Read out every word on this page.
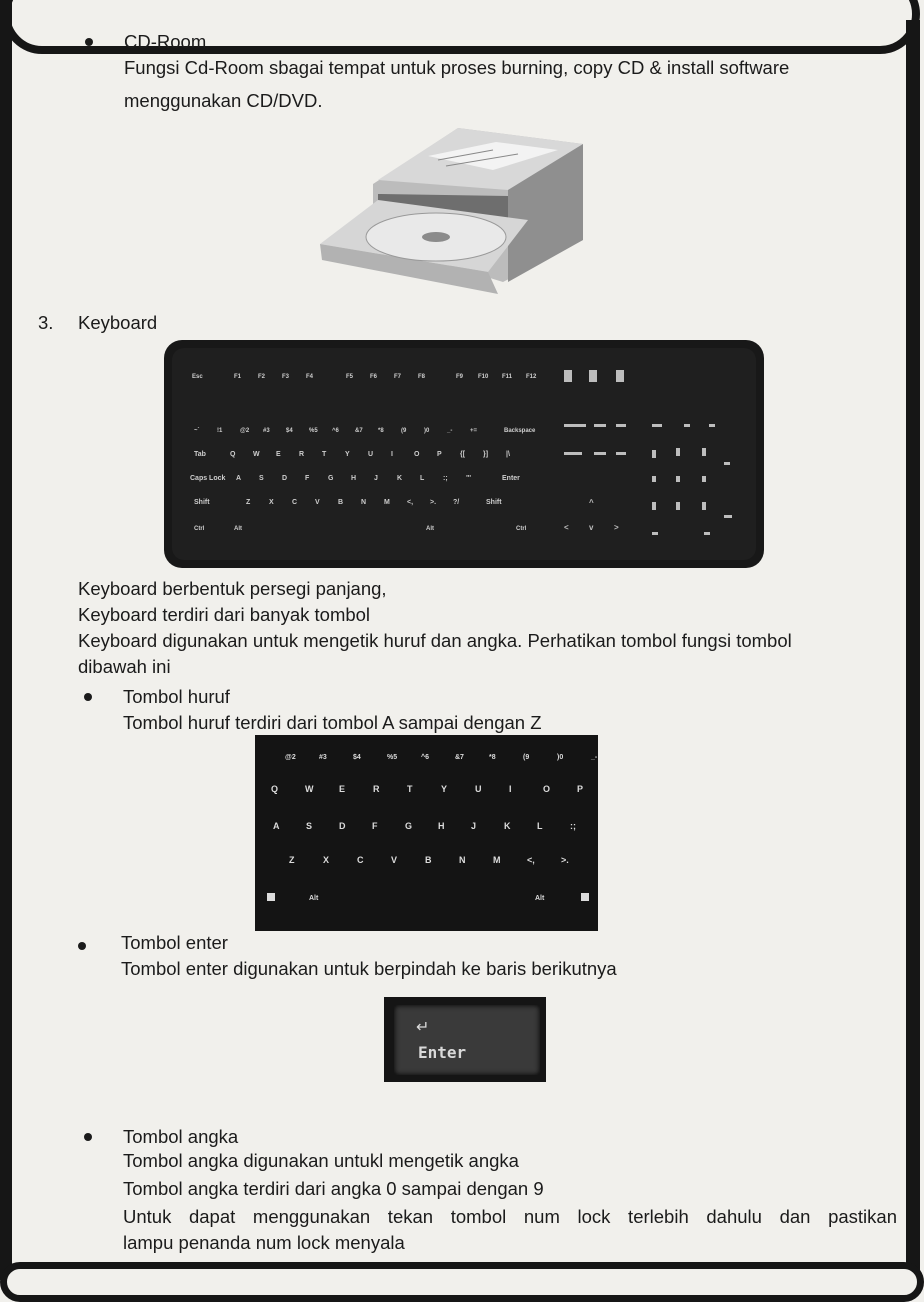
CD-Room
Fungsi Cd-Room sbagai tempat untuk proses burning, copy CD & install software
menggunakan CD/DVD.
3. Keyboard
Esc	F1	F2	F3	F4	F5	F6	F7	F8	F9 F10 F11 F12
~`	!1	@2 #3	$4	%5 ^6	&7	*8	(9	)0	_-	+=	Backspace
Tab	Q	W E	R	T	Y	U	I	O	P	{[	}]	|\
Caps Lock A	S	D	F	G	H	J	K	L	:;	"'	Enter
Shift	Z	X	C	V	B	N	M <, >. ?/	Shift
Ctrl	Alt	Alt	Ctrl
^
<	v	>
Keyboard berbentuk persegi panjang,
Keyboard terdiri dari banyak tombol
Keyboard digunakan untuk mengetik huruf dan angka. Perhatikan tombol fungsi tombol
dibawah ini
Tombol huruf
Tombol huruf terdiri dari tombol A sampai dengan Z
@2	#3	$4	%5	^6	&7	*8	(9	)0	_-
Q	W	E	R	T	Y	U	I	O	P
A	S	D	F	G	H	J	K	L	:;
Z	X	C	V	B	N	M	<,	>.
Alt	Alt
Tombol enter
Tombol enter digunakan untuk berpindah ke baris berikutnya
↵
Enter
Tombol angka
Tombol angka digunakan untukl mengetik angka
Tombol angka terdiri dari angka 0 sampai dengan 9
Untuk dapat menggunakan tekan tombol num lock terlebih dahulu dan pastikan
lampu penanda num lock menyala
